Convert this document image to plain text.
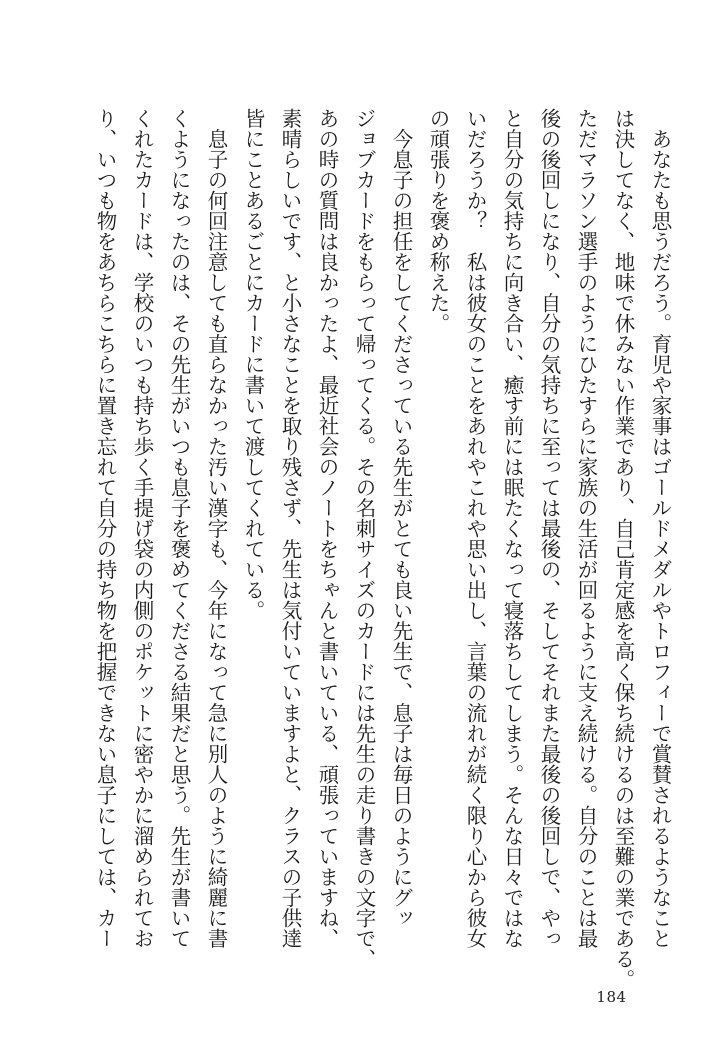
　あなたも思うだろう。育児や家事はゴールドメダルやトロフィーで賞賛されるようなこと

は決してなく、地味で休みない作業であり、自己肯定感を高く保ち続けるのは至難の業である。

ただマラソン選手のようにひたすらに家族の生活が回るように支え続ける。自分のことは最

後の後回しになり、自分の気持ちに至っては最後の、そしてそれまた最後の後回しで、やっ

と自分の気持ちに向き合い、癒す前には眠たくなって寝落ちしてしまう。そんな日々ではな

いだろうか？　私は彼女のことをあれやこれや思い出し、言葉の流れが続く限り心から彼女

の頑張りを褒め称えた。

　今息子の担任をしてくださっている先生がとても良い先生で、息子は毎日のようにグッ

ジョブカードをもらって帰ってくる。その名刺サイズのカードには先生の走り書きの文字で、

あの時の質問は良かったよ、最近社会のノートをちゃんと書いている、頑張っていますね、

素晴らしいです、と小さなことを取り残さず、先生は気付いていますよと、クラスの子供達

皆にことあるごとにカードに書いて渡してくれている。

　息子の何回注意しても直らなかった汚い漢字も、今年になって急に別人のように綺麗に書

くようになったのは、その先生がいつも息子を褒めてくださる結果だと思う。先生が書いて

くれたカードは、学校のいつも持ち歩く手提げ袋の内側のポケットに密やかに溜められてお

り、いつも物をあちらこちらに置き忘れて自分の持ち物を把握できない息子にしては、カー

184
